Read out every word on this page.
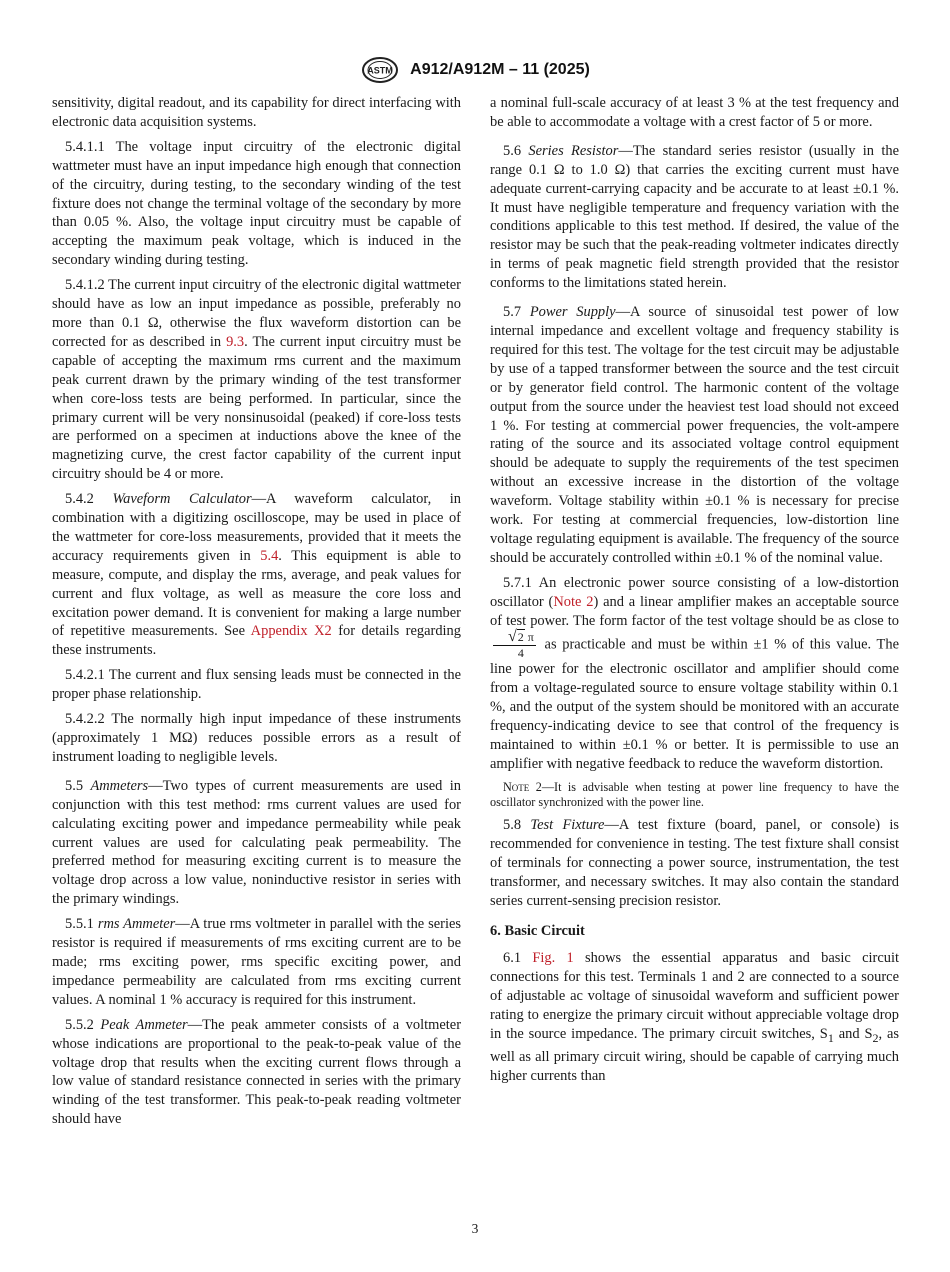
ASTM A912/A912M – 11 (2025)

sensitivity, digital readout, and its capability for direct interfacing with electronic data acquisition systems.

5.4.1.1 The voltage input circuitry of the electronic digital wattmeter must have an input impedance high enough that connection of the circuitry, during testing, to the secondary winding of the test fixture does not change the terminal voltage of the secondary by more than 0.05 %. Also, the voltage input circuitry must be capable of accepting the maximum peak voltage, which is induced in the secondary winding during testing.

5.4.1.2 The current input circuitry of the electronic digital wattmeter should have as low an input impedance as possible, preferably no more than 0.1 Ω, otherwise the flux waveform distortion can be corrected for as described in 9.3. The current input circuitry must be capable of accepting the maximum rms current and the maximum peak current drawn by the primary winding of the test transformer when core-loss tests are being performed. In particular, since the primary current will be very nonsinusoidal (peaked) if core-loss tests are performed on a specimen at inductions above the knee of the magnetizing curve, the crest factor capability of the current input circuitry should be 4 or more.

5.4.2 Waveform Calculator—A waveform calculator, in combination with a digitizing oscilloscope, may be used in place of the wattmeter for core-loss measurements, provided that it meets the accuracy requirements given in 5.4. This equipment is able to measure, compute, and display the rms, average, and peak values for current and flux voltage, as well as measure the core loss and excitation power demand. It is convenient for making a large number of repetitive measurements. See Appendix X2 for details regarding these instruments.

5.4.2.1 The current and flux sensing leads must be connected in the proper phase relationship.

5.4.2.2 The normally high input impedance of these instruments (approximately 1 MΩ) reduces possible errors as a result of instrument loading to negligible levels.

5.5 Ammeters—Two types of current measurements are used in conjunction with this test method: rms current values are used for calculating exciting power and impedance permeability while peak current values are used for calculating peak permeability. The preferred method for measuring exciting current is to measure the voltage drop across a low value, noninductive resistor in series with the primary windings.

5.5.1 rms Ammeter—A true rms voltmeter in parallel with the series resistor is required if measurements of rms exciting current are to be made; rms exciting power, rms specific exciting power, and impedance permeability are calculated from rms exciting current values. A nominal 1 % accuracy is required for this instrument.

5.5.2 Peak Ammeter—The peak ammeter consists of a voltmeter whose indications are proportional to the peak-to-peak value of the voltage drop that results when the exciting current flows through a low value of standard resistance connected in series with the primary winding of the test transformer. This peak-to-peak reading voltmeter should have

a nominal full-scale accuracy of at least 3 % at the test frequency and be able to accommodate a voltage with a crest factor of 5 or more.

5.6 Series Resistor—The standard series resistor (usually in the range 0.1 Ω to 1.0 Ω) that carries the exciting current must have adequate current-carrying capacity and be accurate to at least ±0.1 %. It must have negligible temperature and frequency variation with the conditions applicable to this test method. If desired, the value of the resistor may be such that the peak-reading voltmeter indicates directly in terms of peak magnetic field strength provided that the resistor conforms to the limitations stated herein.

5.7 Power Supply—A source of sinusoidal test power of low internal impedance and excellent voltage and frequency stability is required for this test. The voltage for the test circuit may be adjustable by use of a tapped transformer between the source and the test circuit or by generator field control. The harmonic content of the voltage output from the source under the heaviest test load should not exceed 1 %. For testing at commercial power frequencies, the volt-ampere rating of the source and its associated voltage control equipment should be adequate to supply the requirements of the test specimen without an excessive increase in the distortion of the voltage waveform. Voltage stability within ±0.1 % is necessary for precise work. For testing at commercial frequencies, low-distortion line voltage regulating equipment is available. The frequency of the source should be accurately controlled within ±0.1 % of the nominal value.

5.7.1 An electronic power source consisting of a low-distortion oscillator (Note 2) and a linear amplifier makes an acceptable source of test power. The form factor of the test voltage should be as close to
$\frac{√2 \pi}{4}$ as practicable and must be within ±1 % of this value. The line power for the electronic oscillator and amplifier should come from a voltage-regulated source to ensure voltage stability within 0.1 %, and the output of the system should be monitored with an accurate frequency-indicating device to see that control of the frequency is maintained to within ±0.1 % or better. It is permissible to use an amplifier with negative feedback to reduce the waveform distortion.

Note 2—It is advisable when testing at power line frequency to have the oscillator synchronized with the power line.

5.8 Test Fixture—A test fixture (board, panel, or console) is recommended for convenience in testing. The test fixture shall consist of terminals for connecting a power source, instrumentation, the test transformer, and necessary switches. It may also contain the standard series current-sensing precision resistor.

6. Basic Circuit

6.1 Fig. 1 shows the essential apparatus and basic circuit connections for this test. Terminals 1 and 2 are connected to a source of adjustable ac voltage of sinusoidal waveform and sufficient power rating to energize the primary circuit without appreciable voltage drop in the source impedance. The primary circuit switches, $S_1$ and $S_2$, as well as all primary circuit wiring, should be capable of carrying much higher currents than

3
